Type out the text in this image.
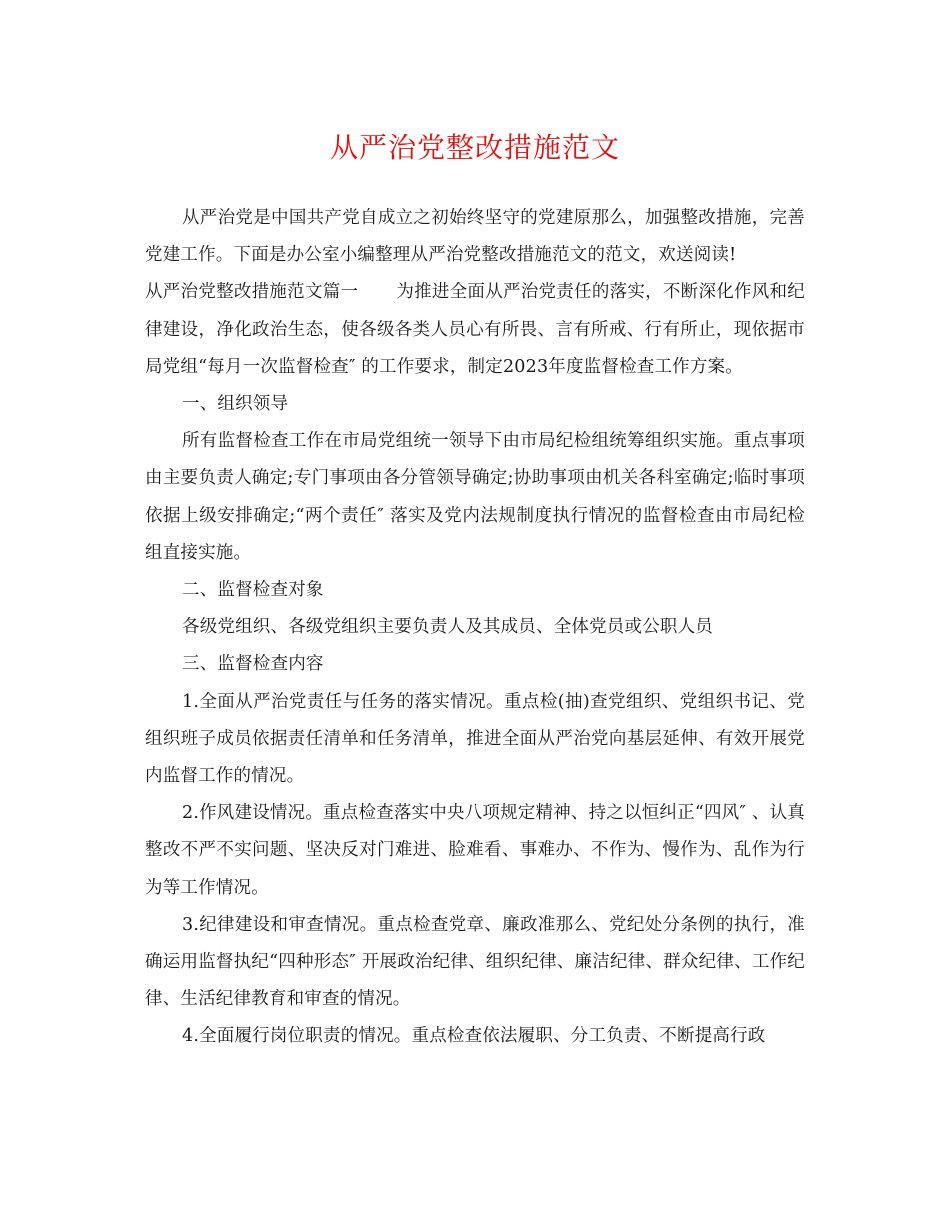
从严治党整改措施范文

从严治党是中国共产党自成立之初始终坚守的党建原那么，加强整改措施，完善党建工作。下面是办公室小编整理从严治党整改措施范文的范文，欢送阅读!

从严治党整改措施范文篇一 为推进全面从严治党责任的落实，不断深化作风和纪律建设，净化政治生态，使各级各类人员心有所畏、言有所戒、行有所止，现依据市局党组“每月一次监督检查″ 的工作要求，制定2023年度监督检查工作方案。

一、组织领导

所有监督检查工作在市局党组统一领导下由市局纪检组统筹组织实施。重点事项由主要负责人确定;专门事项由各分管领导确定;协助事项由机关各科室确定;临时事项依据上级安排确定;“两个责任″ 落实及党内法规制度执行情况的监督检查由市局纪检组直接实施。

二、监督检查对象

各级党组织、各级党组织主要负责人及其成员、全体党员或公职人员

三、监督检查内容

1.全面从严治党责任与任务的落实情况。重点检(抽)查党组织、党组织书记、党组织班子成员依据责任清单和任务清单，推进全面从严治党向基层延伸、有效开展党内监督工作的情况。

2.作风建设情况。重点检查落实中央八项规定精神、持之以恒纠正“四风″ 、认真整改不严不实问题、坚决反对门难进、脸难看、事难办、不作为、慢作为、乱作为行为等工作情况。

3.纪律建设和审查情况。重点检查党章、廉政准那么、党纪处分条例的执行，准确运用监督执纪“四种形态″ 开展政治纪律、组织纪律、廉洁纪律、群众纪律、工作纪律、生活纪律教育和审查的情况。

4.全面履行岗位职责的情况。重点检查依法履职、分工负责、不断提高行政
